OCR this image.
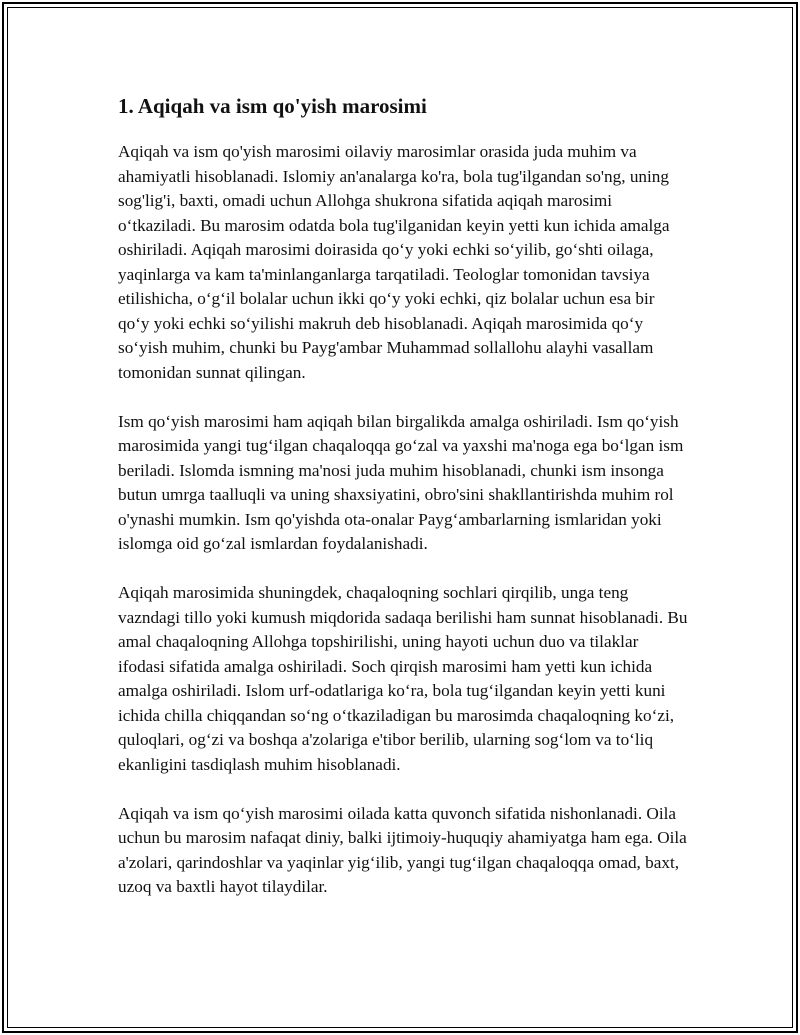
1. Aqiqah va ism qo'yish marosimi

Aqiqah va ism qo'yish marosimi oilaviy marosimlar orasida juda muhim va ahamiyatli hisoblanadi. Islomiy an'analarga ko'ra, bola tug'ilgandan so'ng, uning sog'lig'i, baxti, omadi uchun Allohga shukrona sifatida aqiqah marosimi o‘tkaziladi. Bu marosim odatda bola tug'ilganidan keyin yetti kun ichida amalga oshiriladi. Aqiqah marosimi doirasida qo‘y yoki echki so‘yilib, go‘shti oilaga, yaqinlarga va kam ta'minlanganlarga tarqatiladi. Teologlar tomonidan tavsiya etilishicha, o‘g‘il bolalar uchun ikki qo‘y yoki echki, qiz bolalar uchun esa bir qo‘y yoki echki so‘yilishi makruh deb hisoblanadi. Aqiqah marosimida qo‘y so‘yish muhim, chunki bu Payg'ambar Muhammad sollallohu alayhi vasallam tomonidan sunnat qilingan.

Ism qo‘yish marosimi ham aqiqah bilan birgalikda amalga oshiriladi. Ism qo‘yish marosimida yangi tug‘ilgan chaqaloqqa go‘zal va yaxshi ma'noga ega bo‘lgan ism beriladi. Islomda ismning ma'nosi juda muhim hisoblanadi, chunki ism insonga butun umrga taalluqli va uning shaxsiyatini, obro'sini shakllantirishda muhim rol o'ynashi mumkin. Ism qo'yishda ota-onalar Payg‘ambarlarning ismlaridan yoki islomga oid go‘zal ismlardan foydalanishadi.

Aqiqah marosimida shuningdek, chaqaloqning sochlari qirqilib, unga teng vazndagi tillo yoki kumush miqdorida sadaqa berilishi ham sunnat hisoblanadi. Bu amal chaqaloqning Allohga topshirilishi, uning hayoti uchun duo va tilaklar ifodasi sifatida amalga oshiriladi. Soch qirqish marosimi ham yetti kun ichida amalga oshiriladi. Islom urf-odatlariga ko‘ra, bola tug‘ilgandan keyin yetti kuni ichida chilla chiqqandan so‘ng o‘tkaziladigan bu marosimda chaqaloqning ko‘zi, quloqlari, og‘zi va boshqa a'zolariga e'tibor berilib, ularning sog‘lom va to‘liq ekanligini tasdiqlash muhim hisoblanadi.

Aqiqah va ism qo‘yish marosimi oilada katta quvonch sifatida nishonlanadi. Oila uchun bu marosim nafaqat diniy, balki ijtimoiy-huquqiy ahamiyatga ham ega. Oila a'zolari, qarindoshlar va yaqinlar yig‘ilib, yangi tug‘ilgan chaqaloqqa omad, baxt, uzoq va baxtli hayot tilaydilar.
